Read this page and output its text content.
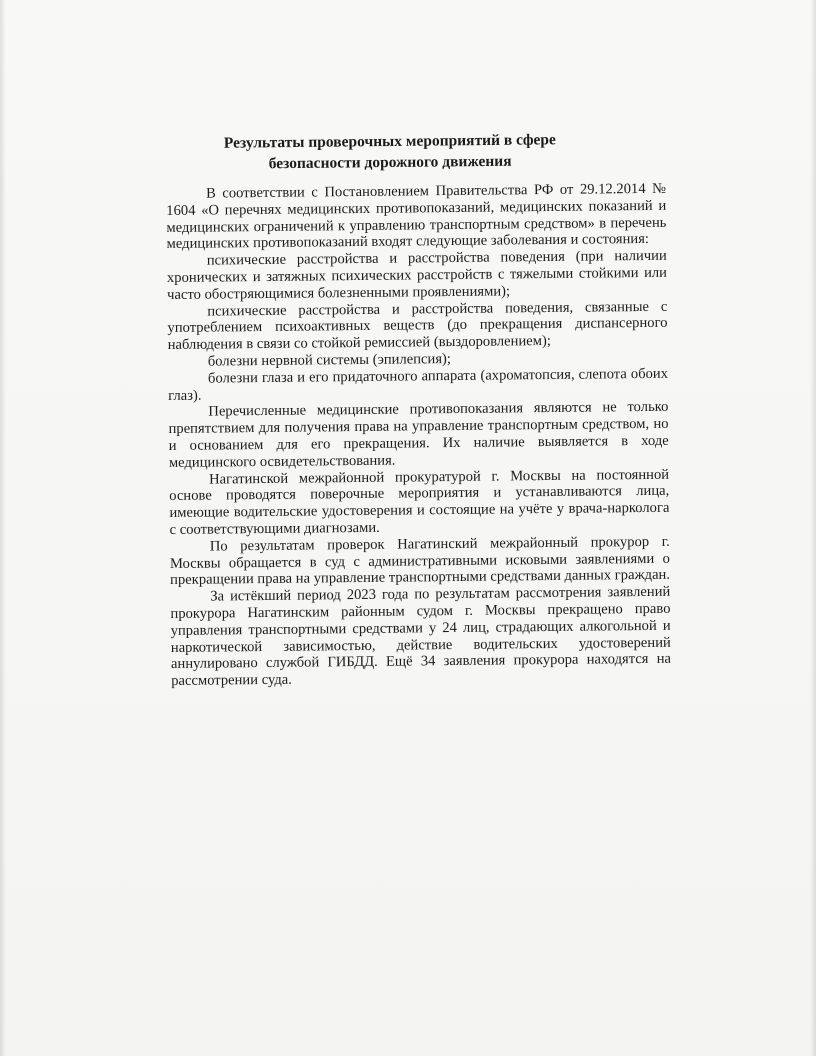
Результаты проверочных мероприятий в сфере
безопасности дорожного движения

В соответствии с Постановлением Правительства РФ от 29.12.2014 № 1604 «О перечнях медицинских противопоказаний, медицинских показаний и медицинских ограничений к управлению транспортным средством» в перечень медицинских противопоказаний входят следующие заболевания и состояния:

психические расстройства и расстройства поведения (при наличии хронических и затяжных психических расстройств с тяжелыми стойкими или часто обостряющимися болезненными проявлениями);

психические расстройства и расстройства поведения, связанные с употреблением психоактивных веществ (до прекращения диспансерного наблюдения в связи со стойкой ремиссией (выздоровлением);

болезни нервной системы (эпилепсия);

болезни глаза и его придаточного аппарата (ахроматопсия, слепота обоих глаз).

Перечисленные медицинские противопоказания являются не только препятствием для получения права на управление транспортным средством, но и основанием для его прекращения. Их наличие выявляется в ходе медицинского освидетельствования.

Нагатинской межрайонной прокуратурой г. Москвы на постоянной основе проводятся поверочные мероприятия и устанавливаются лица, имеющие водительские удостоверения и состоящие на учёте у врача-нарколога с соответствующими диагнозами.

По результатам проверок Нагатинский межрайонный прокурор г. Москвы обращается в суд с административными исковыми заявлениями о прекращении права на управление транспортными средствами данных граждан.

За истёкший период 2023 года по результатам рассмотрения заявлений прокурора Нагатинским районным судом г. Москвы прекращено право управления транспортными средствами у 24 лиц, страдающих алкогольной и наркотической зависимостью, действие водительских удостоверений аннулировано службой ГИБДД. Ещё 34 заявления прокурора находятся на рассмотрении суда.
